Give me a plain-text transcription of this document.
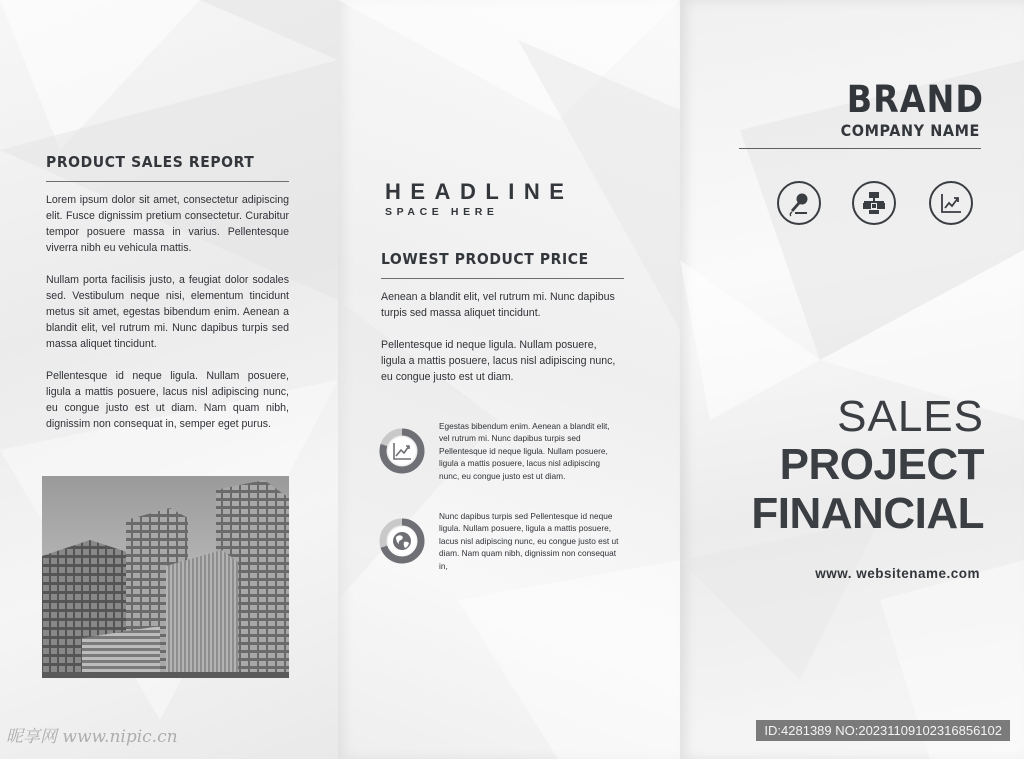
PRODUCT SALES REPORT

Lorem ipsum dolor sit amet, consectetur adipiscing elit. Fusce dignissim pretium consectetur. Curabitur tempor posuere massa in varius. Pellentesque viverra nibh eu vehicula mattis.

Nullam porta facilisis justo, a feugiat dolor sodales sed. Vestibulum neque nisi, elementum tincidunt metus sit amet, egestas bibendum enim. Aenean a blandit elit, vel rutrum mi. Nunc dapibus turpis sed massa aliquet tincidunt.

Pellentesque id neque ligula. Nullam posuere, ligula a mattis posuere, lacus nisl adipiscing nunc, eu congue justo est ut diam. Nam quam nibh, dignissim non consequat in, semper eget purus.

昵享网 www.nipic.cn
HEADLINE
SPACE HERE
LOWEST PRODUCT PRICE

Aenean a blandit elit, vel rutrum mi. Nunc dapibus turpis sed massa aliquet tincidunt.

Pellentesque id neque ligula. Nullam posuere, ligula a mattis posuere, lacus nisl adipiscing nunc, eu congue justo est ut diam.

Egestas bibendum enim. Aenean a blandit elit, vel rutrum mi. Nunc dapibus turpis sed Pellentesque id neque ligula. Nullam posuere, ligula a mattis posuere, lacus nisl adipiscing nunc, eu congue justo est ut diam.

Nunc dapibus turpis sed Pellentesque id neque ligula. Nullam posuere, ligula a mattis posuere, lacus nisl adipiscing nunc, eu congue justo est ut diam. Nam quam nibh, dignissim non consequat in,

BRAND
COMPANY NAME
SALES
PROJECT
FINANCIAL
www. websitename.com
ID:4281389 NO:20231109102316856102
